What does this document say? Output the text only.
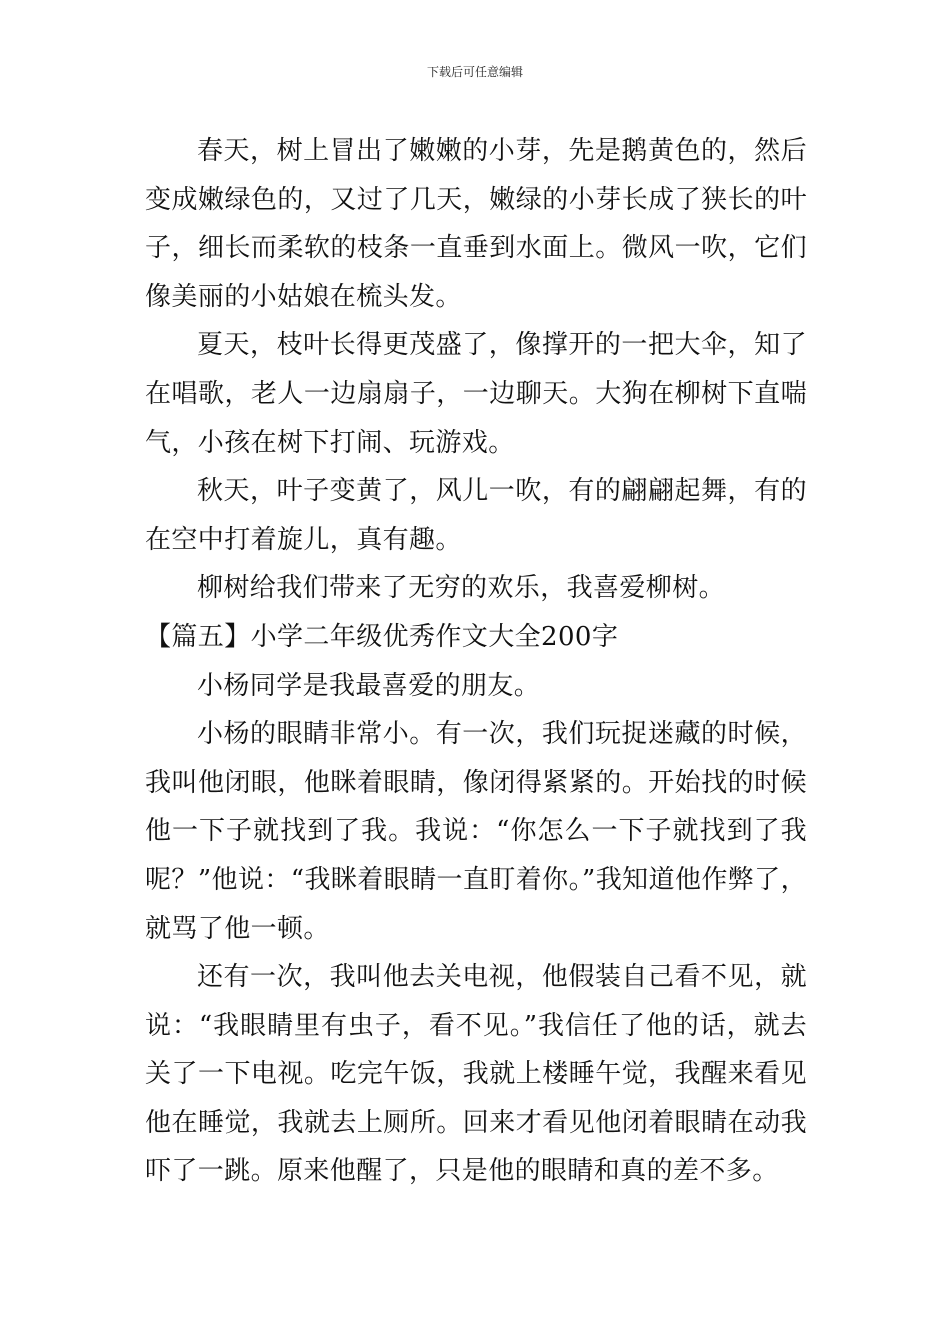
下载后可任意编辑

春天，树上冒出了嫩嫩的小芽，先是鹅黄色的，然后变成嫩绿色的，又过了几天，嫩绿的小芽长成了狭长的叶子，细长而柔软的枝条一直垂到水面上。微风一吹，它们像美丽的小姑娘在梳头发。

夏天，枝叶长得更茂盛了，像撑开的一把大伞，知了在唱歌，老人一边扇扇子，一边聊天。大狗在柳树下直喘气，小孩在树下打闹、玩游戏。

秋天，叶子变黄了，风儿一吹，有的翩翩起舞，有的在空中打着旋儿，真有趣。

柳树给我们带来了无穷的欢乐，我喜爱柳树。

【篇五】小学二年级优秀作文大全200字

小杨同学是我最喜爱的朋友。

小杨的眼睛非常小。有一次，我们玩捉迷藏的时候，我叫他闭眼，他眯着眼睛，像闭得紧紧的。开始找的时候他一下子就找到了我。我说：“你怎么一下子就找到了我呢？”他说：“我眯着眼睛一直盯着你。”我知道他作弊了，就骂了他一顿。

还有一次，我叫他去关电视，他假装自己看不见，就说：“我眼睛里有虫子，看不见。”我信任了他的话，就去关了一下电视。吃完午饭，我就上楼睡午觉，我醒来看见他在睡觉，我就去上厕所。回来才看见他闭着眼睛在动我吓了一跳。原来他醒了，只是他的眼睛和真的差不多。
